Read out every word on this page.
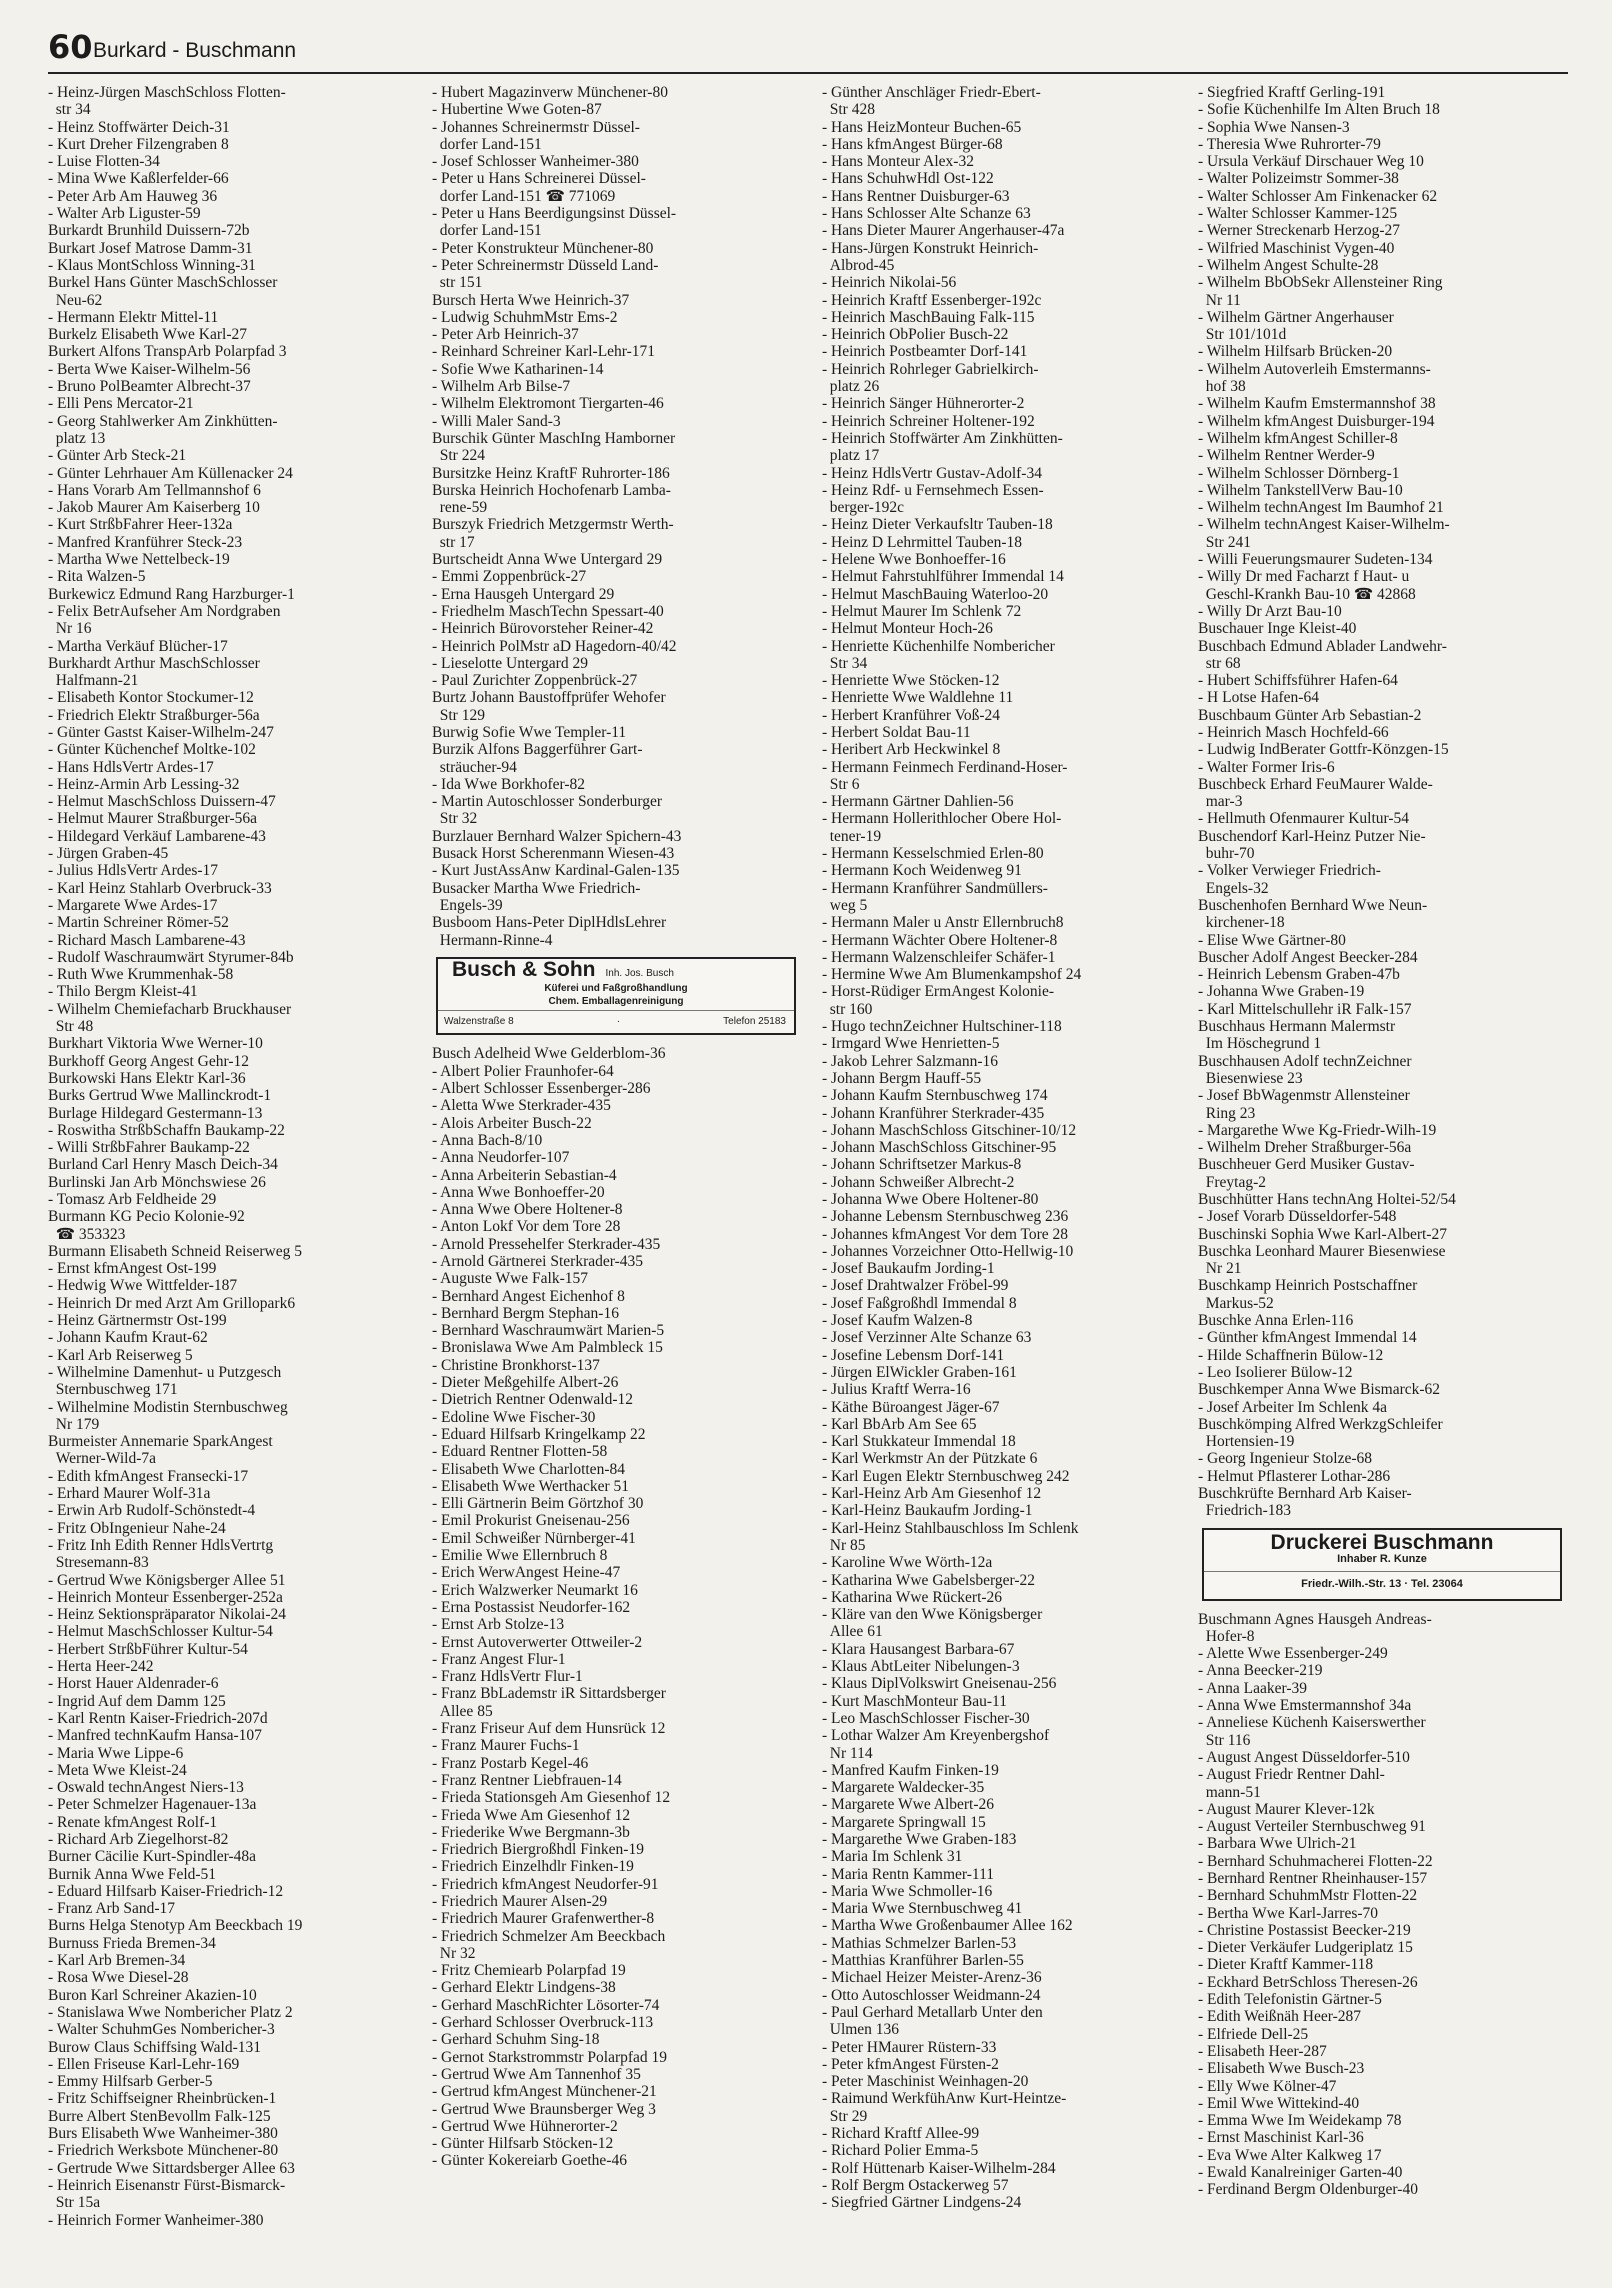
60 Burkard - Buschmann
- Heinz-Jürgen MaschSchloss Flotten-
str 34
- Heinz Stoffwärter Deich-31
- Kurt Dreher Filzengraben 8
- Luise Flotten-34
- Mina Wwe Kaßlerfelder-66
- Peter Arb Am Hauweg 36
- Walter Arb Liguster-59
Burkardt Brunhild Duissern-72b
Burkart Josef Matrose Damm-31
- Klaus MontSchloss Winning-31
Burkel Hans Günter MaschSchlosser
Neu-62
- Hermann Elektr Mittel-11
Burkelz Elisabeth Wwe Karl-27
Burkert Alfons TranspArb Polarpfad 3
- Berta Wwe Kaiser-Wilhelm-56
- Bruno PolBeamter Albrecht-37
- Elli Pens Mercator-21
- Georg Stahlwerker Am Zinkhütten-
platz 13
- Günter Arb Steck-21
- Günter Lehrhauer Am Küllenacker 24
- Hans Vorarb Am Tellmannshof 6
- Jakob Maurer Am Kaiserberg 10
- Kurt StrßbFahrer Heer-132a
- Manfred Kranführer Steck-23
- Martha Wwe Nettelbeck-19
- Rita Walzen-5
Burkewicz Edmund Rang Harzburger-1
- Felix BetrAufseher Am Nordgraben
Nr 16
- Martha Verkäuf Blücher-17
Burkhardt Arthur MaschSchlosser
Halfmann-21
- Elisabeth Kontor Stockumer-12
- Friedrich Elektr Straßburger-56a
- Günter Gastst Kaiser-Wilhelm-247
- Günter Küchenchef Moltke-102
- Hans HdlsVertr Ardes-17
- Heinz-Armin Arb Lessing-32
- Helmut MaschSchloss Duissern-47
- Helmut Maurer Straßburger-56a
- Hildegard Verkäuf Lambarene-43
- Jürgen Graben-45
- Julius HdlsVertr Ardes-17
- Karl Heinz Stahlarb Overbruck-33
- Margarete Wwe Ardes-17
- Martin Schreiner Römer-52
- Richard Masch Lambarene-43
- Rudolf Waschraumwärt Styrumer-84b
- Ruth Wwe Krummenhak-58
- Thilo Bergm Kleist-41
- Wilhelm Chemiefacharb Bruckhauser
Str 48
Burkhart Viktoria Wwe Werner-10
Burkhoff Georg Angest Gehr-12
Burkowski Hans Elektr Karl-36
Burks Gertrud Wwe Mallinckrodt-1
Burlage Hildegard Gestermann-13
- Roswitha StrßbSchaffn Baukamp-22
- Willi StrßbFahrer Baukamp-22
Burland Carl Henry Masch Deich-34
Burlinski Jan Arb Mönchswiese 26
- Tomasz Arb Feldheide 29
Burmann KG Pecio Kolonie-92
☎ 353323
Burmann Elisabeth Schneid Reiserweg 5
- Ernst kfmAngest Ost-199
- Hedwig Wwe Wittfelder-187
- Heinrich Dr med Arzt Am Grillopark6
- Heinz Gärtnermstr Ost-199
- Johann Kaufm Kraut-62
- Karl Arb Reiserweg 5
- Wilhelmine Damenhut- u Putzgesch
Sternbuschweg 171
- Wilhelmine Modistin Sternbuschweg
Nr 179
Burmeister Annemarie SparkAngest
Werner-Wild-7a
- Edith kfmAngest Fransecki-17
- Erhard Maurer Wolf-31a
- Erwin Arb Rudolf-Schönstedt-4
- Fritz ObIngenieur Nahe-24
- Fritz Inh Edith Renner HdlsVertrtg
Stresemann-83
- Gertrud Wwe Königsberger Allee 51
- Heinrich Monteur Essenberger-252a
- Heinz Sektionspräparator Nikolai-24
- Helmut MaschSchlosser Kultur-54
- Herbert StrßbFührer Kultur-54
- Herta Heer-242
- Horst Hauer Aldenrader-6
- Ingrid Auf dem Damm 125
- Karl Rentn Kaiser-Friedrich-207d
- Manfred technKaufm Hansa-107
- Maria Wwe Lippe-6
- Meta Wwe Kleist-24
- Oswald technAngest Niers-13
- Peter Schmelzer Hagenauer-13a
- Renate kfmAngest Rolf-1
- Richard Arb Ziegelhorst-82
Burner Cäcilie Kurt-Spindler-48a
Burnik Anna Wwe Feld-51
- Eduard Hilfsarb Kaiser-Friedrich-12
- Franz Arb Sand-17
Burns Helga Stenotyp Am Beeckbach 19
Burnuss Frieda Bremen-34
- Karl Arb Bremen-34
- Rosa Wwe Diesel-28
Buron Karl Schreiner Akazien-10
- Stanislawa Wwe Nombericher Platz 2
- Walter SchuhmGes Nombericher-3
Burow Claus Schiffsing Wald-131
- Ellen Friseuse Karl-Lehr-169
- Emmy Hilfsarb Gerber-5
- Fritz Schiffseigner Rheinbrücken-1
Burre Albert StenBevollm Falk-125
Burs Elisabeth Wwe Wanheimer-380
- Friedrich Werksbote Münchener-80
- Gertrude Wwe Sittardsberger Allee 63
- Heinrich Eisenanstr Fürst-Bismarck-
Str 15a
- Heinrich Former Wanheimer-380
- Hubert Magazinverw Münchener-80
- Hubertine Wwe Goten-87
- Johannes Schreinermstr Düssel-
dorfer Land-151
- Josef Schlosser Wanheimer-380
- Peter u Hans Schreinerei Düssel-
dorfer Land-151 ☎ 771069
- Peter u Hans Beerdigungsinst Düssel-
dorfer Land-151
- Peter Konstrukteur Münchener-80
- Peter Schreinermstr Düsseld Land-
str 151
Bursch Herta Wwe Heinrich-37
- Ludwig SchuhmMstr Ems-2
- Peter Arb Heinrich-37
- Reinhard Schreiner Karl-Lehr-171
- Sofie Wwe Katharinen-14
- Wilhelm Arb Bilse-7
- Wilhelm Elektromont Tiergarten-46
- Willi Maler Sand-3
Burschik Günter MaschIng Hamborner
Str 224
Bursitzke Heinz KraftF Ruhrorter-186
Burska Heinrich Hochofenarb Lamba-
rene-59
Burszyk Friedrich Metzgermstr Werth-
str 17
Burtscheidt Anna Wwe Untergard 29
- Emmi Zoppenbrück-27
- Erna Hausgeh Untergard 29
- Friedhelm MaschTechn Spessart-40
- Heinrich Bürovorsteher Reiner-42
- Heinrich PolMstr aD Hagedorn-40/42
- Lieselotte Untergard 29
- Paul Zurichter Zoppenbrück-27
Burtz Johann Baustoffprüfer Wehofer
Str 129
Burwig Sofie Wwe Templer-11
Burzik Alfons Baggerführer Gart-
sträucher-94
- Ida Wwe Borkhofer-82
- Martin Autoschlosser Sonderburger
Str 32
Burzlauer Bernhard Walzer Spichern-43
Busack Horst Scherenmann Wiesen-43
- Kurt JustAssAnw Kardinal-Galen-135
Busacker Martha Wwe Friedrich-
Engels-39
Busboom Hans-Peter DiplHdlsLehrer
Hermann-Rinne-4
Busch & Sohn Inh. Jos. Busch
Küferei und Faßgroßhandlung
Chem. Emballagenreinigung
Walzenstraße 8	·	Telefon 25183
Busch Adelheid Wwe Gelderblom-36
- Albert Polier Fraunhofer-64
- Albert Schlosser Essenberger-286
- Aletta Wwe Sterkrader-435
- Alois Arbeiter Busch-22
- Anna Bach-8/10
- Anna Neudorfer-107
- Anna Arbeiterin Sebastian-4
- Anna Wwe Bonhoeffer-20
- Anna Wwe Obere Holtener-8
- Anton Lokf Vor dem Tore 28
- Arnold Pressehelfer Sterkrader-435
- Arnold Gärtnerei Sterkrader-435
- Auguste Wwe Falk-157
- Bernhard Angest Eichenhof 8
- Bernhard Bergm Stephan-16
- Bernhard Waschraumwärt Marien-5
- Bronislawa Wwe Am Palmbleck 15
- Christine Bronkhorst-137
- Dieter Meßgehilfe Albert-26
- Dietrich Rentner Odenwald-12
- Edoline Wwe Fischer-30
- Eduard Hilfsarb Kringelkamp 22
- Eduard Rentner Flotten-58
- Elisabeth Wwe Charlotten-84
- Elisabeth Wwe Werthacker 51
- Elli Gärtnerin Beim Görtzhof 30
- Emil Prokurist Gneisenau-256
- Emil Schweißer Nürnberger-41
- Emilie Wwe Ellernbruch 8
- Erich WerwAngest Heine-47
- Erich Walzwerker Neumarkt 16
- Erna Postassist Neudorfer-162
- Ernst Arb Stolze-13
- Ernst Autoverwerter Ottweiler-2
- Franz Angest Flur-1
- Franz HdlsVertr Flur-1
- Franz BbLademstr iR Sittardsberger
Allee 85
- Franz Friseur Auf dem Hunsrück 12
- Franz Maurer Fuchs-1
- Franz Postarb Kegel-46
- Franz Rentner Liebfrauen-14
- Frieda Stationsgeh Am Giesenhof 12
- Frieda Wwe Am Giesenhof 12
- Friederike Wwe Bergmann-3b
- Friedrich Biergroßhdl Finken-19
- Friedrich Einzelhdlr Finken-19
- Friedrich kfmAngest Neudorfer-91
- Friedrich Maurer Alsen-29
- Friedrich Maurer Grafenwerther-8
- Friedrich Schmelzer Am Beeckbach
Nr 32
- Fritz Chemiearb Polarpfad 19
- Gerhard Elektr Lindgens-38
- Gerhard MaschRichter Lösorter-74
- Gerhard Schlosser Overbruck-113
- Gerhard Schuhm Sing-18
- Gernot Starkstrommstr Polarpfad 19
- Gertrud Wwe Am Tannenhof 35
- Gertrud kfmAngest Münchener-21
- Gertrud Wwe Braunsberger Weg 3
- Gertrud Wwe Hühnerorter-2
- Günter Hilfsarb Stöcken-12
- Günter Kokereiarb Goethe-46
- Günther Anschläger Friedr-Ebert-
Str 428
- Hans HeizMonteur Buchen-65
- Hans kfmAngest Bürger-68
- Hans Monteur Alex-32
- Hans SchuhwHdl Ost-122
- Hans Rentner Duisburger-63
- Hans Schlosser Alte Schanze 63
- Hans Dieter Maurer Angerhauser-47a
- Hans-Jürgen Konstrukt Heinrich-
Albrod-45
- Heinrich Nikolai-56
- Heinrich Kraftf Essenberger-192c
- Heinrich MaschBauing Falk-115
- Heinrich ObPolier Busch-22
- Heinrich Postbeamter Dorf-141
- Heinrich Rohrleger Gabrielkirch-
platz 26
- Heinrich Sänger Hühnerorter-2
- Heinrich Schreiner Holtener-192
- Heinrich Stoffwärter Am Zinkhütten-
platz 17
- Heinz HdlsVertr Gustav-Adolf-34
- Heinz Rdf- u Fernsehmech Essen-
berger-192c
- Heinz Dieter Verkaufsltr Tauben-18
- Heinz D Lehrmittel Tauben-18
- Helene Wwe Bonhoeffer-16
- Helmut Fahrstuhlführer Immendal 14
- Helmut MaschBauing Waterloo-20
- Helmut Maurer Im Schlenk 72
- Helmut Monteur Hoch-26
- Henriette Küchenhilfe Nombericher
Str 34
- Henriette Wwe Stöcken-12
- Henriette Wwe Waldlehne 11
- Herbert Kranführer Voß-24
- Herbert Soldat Bau-11
- Heribert Arb Heckwinkel 8
- Hermann Feinmech Ferdinand-Hoser-
Str 6
- Hermann Gärtner Dahlien-56
- Hermann Hollerithlocher Obere Hol-
tener-19
- Hermann Kesselschmied Erlen-80
- Hermann Koch Weidenweg 91
- Hermann Kranführer Sandmüllers-
weg 5
- Hermann Maler u Anstr Ellernbruch8
- Hermann Wächter Obere Holtener-8
- Hermann Walzenschleifer Schäfer-1
- Hermine Wwe Am Blumenkampshof 24
- Horst-Rüdiger ErmAngest Kolonie-
str 160
- Hugo technZeichner Hultschiner-118
- Irmgard Wwe Henrietten-5
- Jakob Lehrer Salzmann-16
- Johann Bergm Hauff-55
- Johann Kaufm Sternbuschweg 174
- Johann Kranführer Sterkrader-435
- Johann MaschSchloss Gitschiner-10/12
- Johann MaschSchloss Gitschiner-95
- Johann Schriftsetzer Markus-8
- Johann Schweißer Albrecht-2
- Johanna Wwe Obere Holtener-80
- Johanne Lebensm Sternbuschweg 236
- Johannes kfmAngest Vor dem Tore 28
- Johannes Vorzeichner Otto-Hellwig-10
- Josef Baukaufm Jording-1
- Josef Drahtwalzer Fröbel-99
- Josef Faßgroßhdl Immendal 8
- Josef Kaufm Walzen-8
- Josef Verzinner Alte Schanze 63
- Josefine Lebensm Dorf-141
- Jürgen ElWickler Graben-161
- Julius Kraftf Werra-16
- Käthe Büroangest Jäger-67
- Karl BbArb Am See 65
- Karl Stukkateur Immendal 18
- Karl Werkmstr An der Pützkate 6
- Karl Eugen Elektr Sternbuschweg 242
- Karl-Heinz Arb Am Giesenhof 12
- Karl-Heinz Baukaufm Jording-1
- Karl-Heinz Stahlbauschloss Im Schlenk
Nr 85
- Karoline Wwe Wörth-12a
- Katharina Wwe Gabelsberger-22
- Katharina Wwe Rückert-26
- Kläre van den Wwe Königsberger
Allee 61
- Klara Hausangest Barbara-67
- Klaus AbtLeiter Nibelungen-3
- Klaus DiplVolkswirt Gneisenau-256
- Kurt MaschMonteur Bau-11
- Leo MaschSchlosser Fischer-30
- Lothar Walzer Am Kreyenbergshof
Nr 114
- Manfred Kaufm Finken-19
- Margarete Waldecker-35
- Margarete Wwe Albert-26
- Margarete Springwall 15
- Margarethe Wwe Graben-183
- Maria Im Schlenk 31
- Maria Rentn Kammer-111
- Maria Wwe Schmoller-16
- Maria Wwe Sternbuschweg 41
- Martha Wwe Großenbaumer Allee 162
- Mathias Schmelzer Barlen-53
- Matthias Kranführer Barlen-55
- Michael Heizer Meister-Arenz-36
- Otto Autoschlosser Weidmann-24
- Paul Gerhard Metallarb Unter den
Ulmen 136
- Peter HMaurer Rüstern-33
- Peter kfmAngest Fürsten-2
- Peter Maschinist Weinhagen-20
- Raimund WerkfühAnw Kurt-Heintze-
Str 29
- Richard Kraftf Allee-99
- Richard Polier Emma-5
- Rolf Hüttenarb Kaiser-Wilhelm-284
- Rolf Bergm Ostackerweg 57
- Siegfried Gärtner Lindgens-24
- Siegfried Kraftf Gerling-191
- Sofie Küchenhilfe Im Alten Bruch 18
- Sophia Wwe Nansen-3
- Theresia Wwe Ruhrorter-79
- Ursula Verkäuf Dirschauer Weg 10
- Walter Polizeimstr Sommer-38
- Walter Schlosser Am Finkenacker 62
- Walter Schlosser Kammer-125
- Werner Streckenarb Herzog-27
- Wilfried Maschinist Vygen-40
- Wilhelm Angest Schulte-28
- Wilhelm BbObSekr Allensteiner Ring
Nr 11
- Wilhelm Gärtner Angerhauser
Str 101/101d
- Wilhelm Hilfsarb Brücken-20
- Wilhelm Autoverleih Emstermanns-
hof 38
- Wilhelm Kaufm Emstermannshof 38
- Wilhelm kfmAngest Duisburger-194
- Wilhelm kfmAngest Schiller-8
- Wilhelm Rentner Werder-9
- Wilhelm Schlosser Dörnberg-1
- Wilhelm TankstellVerw Bau-10
- Wilhelm technAngest Im Baumhof 21
- Wilhelm technAngest Kaiser-Wilhelm-
Str 241
- Willi Feuerungsmaurer Sudeten-134
- Willy Dr med Facharzt f Haut- u
Geschl-Krankh Bau-10 ☎ 42868
- Willy Dr Arzt Bau-10
Buschauer Inge Kleist-40
Buschbach Edmund Ablader Landwehr-
str 68
- Hubert Schiffsführer Hafen-64
- H Lotse Hafen-64
Buschbaum Günter Arb Sebastian-2
- Heinrich Masch Hochfeld-66
- Ludwig IndBerater Gottfr-Könzgen-15
- Walter Former Iris-6
Buschbeck Erhard FeuMaurer Walde-
mar-3
- Hellmuth Ofenmaurer Kultur-54
Buschendorf Karl-Heinz Putzer Nie-
buhr-70
- Volker Verwieger Friedrich-
Engels-32
Buschenhofen Bernhard Wwe Neun-
kirchener-18
- Elise Wwe Gärtner-80
Buscher Adolf Angest Beecker-284
- Heinrich Lebensm Graben-47b
- Johanna Wwe Graben-19
- Karl Mittelschullehr iR Falk-157
Buschhaus Hermann Malermstr
Im Höschegrund 1
Buschhausen Adolf technZeichner
Biesenwiese 23
- Josef BbWagenmstr Allensteiner
Ring 23
- Margarethe Wwe Kg-Friedr-Wilh-19
- Wilhelm Dreher Straßburger-56a
Buschheuer Gerd Musiker Gustav-
Freytag-2
Buschhütter Hans technAng Holtei-52/54
- Josef Vorarb Düsseldorfer-548
Buschinski Sophia Wwe Karl-Albert-27
Buschka Leonhard Maurer Biesenwiese
Nr 21
Buschkamp Heinrich Postschaffner
Markus-52
Buschke Anna Erlen-116
- Günther kfmAngest Immendal 14
- Hilde Schaffnerin Bülow-12
- Leo Isolierer Bülow-12
Buschkemper Anna Wwe Bismarck-62
- Josef Arbeiter Im Schlenk 4a
Buschkömping Alfred WerkzgSchleifer
Hortensien-19
- Georg Ingenieur Stolze-68
- Helmut Pflasterer Lothar-286
Buschkrüfte Bernhard Arb Kaiser-
Friedrich-183
Druckerei Buschmann
Inhaber R. Kunze
Friedr.-Wilh.-Str. 13 · Tel. 23064
Buschmann Agnes Hausgeh Andreas-
Hofer-8
- Alette Wwe Essenberger-249
- Anna Beecker-219
- Anna Laaker-39
- Anna Wwe Emstermannshof 34a
- Anneliese Küchenh Kaiserswerther
Str 116
- August Angest Düsseldorfer-510
- August Friedr Rentner Dahl-
mann-51
- August Maurer Klever-12k
- August Verteiler Sternbuschweg 91
- Barbara Wwe Ulrich-21
- Bernhard Schuhmacherei Flotten-22
- Bernhard Rentner Rheinhauser-157
- Bernhard SchuhmMstr Flotten-22
- Bertha Wwe Karl-Jarres-70
- Christine Postassist Beecker-219
- Dieter Verkäufer Ludgeriplatz 15
- Dieter Kraftf Kammer-118
- Eckhard BetrSchloss Theresen-26
- Edith Telefonistin Gärtner-5
- Edith Weißnäh Heer-287
- Elfriede Dell-25
- Elisabeth Heer-287
- Elisabeth Wwe Busch-23
- Elly Wwe Kölner-47
- Emil Wwe Wittekind-40
- Emma Wwe Im Weidekamp 78
- Ernst Maschinist Karl-36
- Eva Wwe Alter Kalkweg 17
- Ewald Kanalreiniger Garten-40
- Ferdinand Bergm Oldenburger-40
